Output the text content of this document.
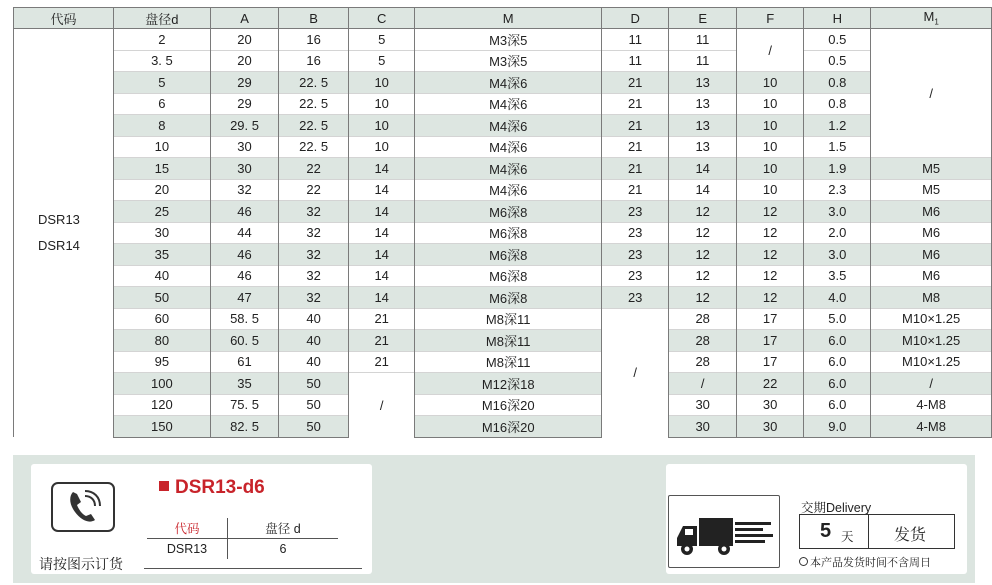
代码	盘径d	A	B	C	M	D	E	F	H	$M_1$

DSR13
DSR14	2	20	16	5	M3深5	11	11	/	0.5	/
	3. 5	20	16	5	M3深5	11	11		0.5	
	5	29	22. 5	10	M4深6	21	13	10	0.8	
	6	29	22. 5	10	M4深6	21	13	10	0.8	
	8	29. 5	22. 5	10	M4深6	21	13	10	1.2	
	10	30	22. 5	10	M4深6	21	13	10	1.5	
	15	30	22	14	M4深6	21	14	10	1.9	M5
	20	32	22	14	M4深6	21	14	10	2.3	M5
	25	46	32	14	M6深8	23	12	12	3.0	M6
	30	44	32	14	M6深8	23	12	12	2.0	M6
	35	46	32	14	M6深8	23	12	12	3.0	M6
	40	46	32	14	M6深8	23	12	12	3.5	M6
	50	47	32	14	M6深8	23	12	12	4.0	M8
	60	58. 5	40	21	M8深11	/	28	17	5.0	M10×1.25
	80	60. 5	40	21	M8深11		28	17	6.0	M10×1.25
	95	61	40	21	M8深11		28	17	6.0	M10×1.25
	100	35	50	/	M12深18		/	22	6.0	/
	120	75. 5	50		M16深20		30	30	6.0	4-M8
	150	82. 5	50		M16深20		30	30	9.0	4-M8
请按图示订货
DSR13-d6
代码	盘径 d
DSR13	6
交期Delivery
5 天	发货
本产品发货时间不含周日
